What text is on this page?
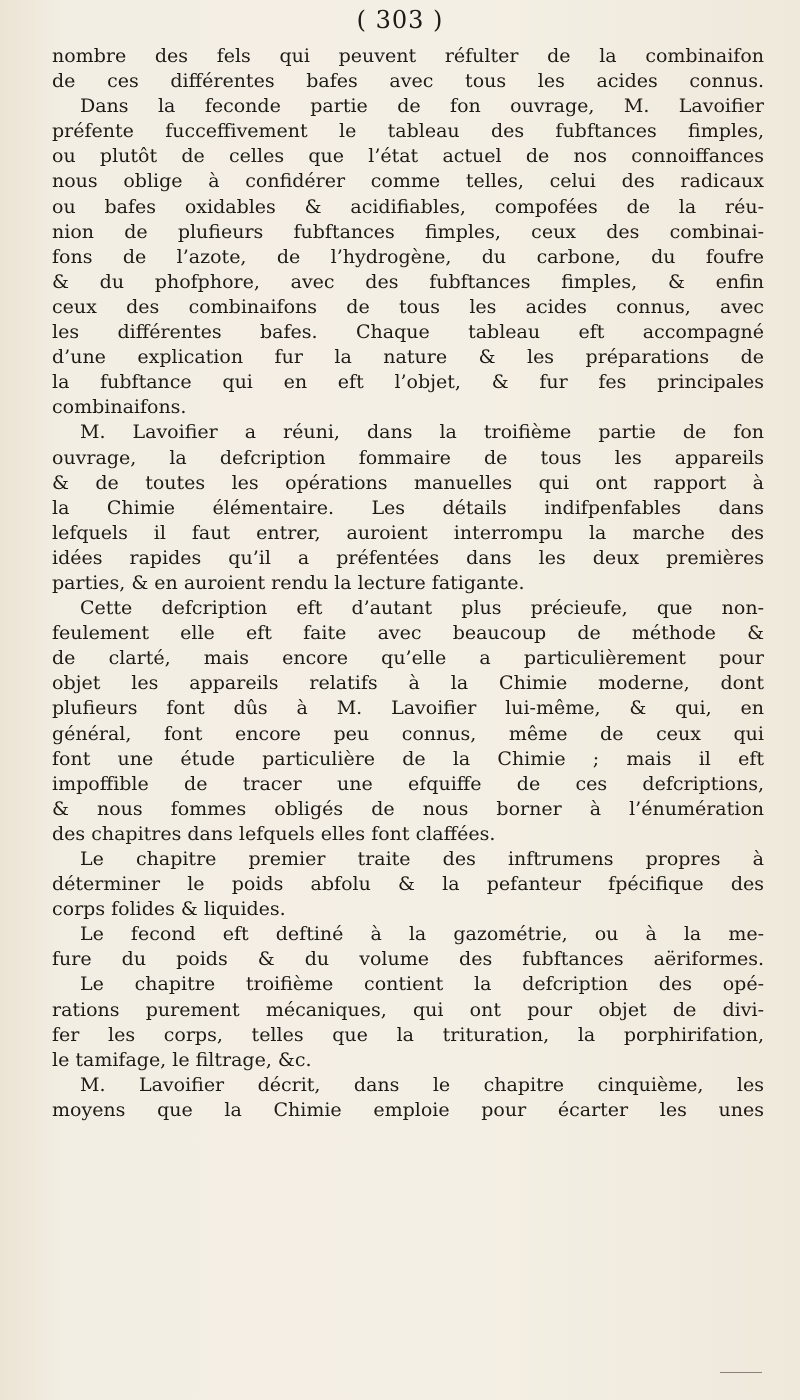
( 303 )
nombre des fels qui peuvent réfulter de la combinaifon
de ces différentes bafes avec tous les acides connus.
Dans la feconde partie de fon ouvrage, M. Lavoifier
préfente fucceffivement le tableau des fubftances fimples,
ou plutôt de celles que l’état actuel de nos connoiffances
nous oblige à confidérer comme telles, celui des radicaux
ou bafes oxidables & acidifiables, compofées de la réu-
nion de plufieurs fubftances fimples, ceux des combinai-
fons de l’azote, de l’hydrogène, du carbone, du foufre
& du phofphore, avec des fubftances fimples, & enfin
ceux des combinaifons de tous les acides connus, avec
les différentes bafes. Chaque tableau eft accompagné
d’une explication fur la nature & les préparations de
la fubftance qui en eft l’objet, & fur fes principales
combinaifons.
M. Lavoifier a réuni, dans la troifième partie de fon
ouvrage, la defcription fommaire de tous les appareils
& de toutes les opérations manuelles qui ont rapport à
la Chimie élémentaire. Les détails indifpenfables dans
lefquels il faut entrer, auroient interrompu la marche des
idées rapides qu’il a préfentées dans les deux premières
parties, & en auroient rendu la lecture fatigante.
Cette defcription eft d’autant plus précieufe, que non-
feulement elle eft faite avec beaucoup de méthode &
de clarté, mais encore qu’elle a particulièrement pour
objet les appareils relatifs à la Chimie moderne, dont
plufieurs font dûs à M. Lavoifier lui-même, & qui, en
général, font encore peu connus, même de ceux qui
font une étude particulière de la Chimie ; mais il eft
impoffible de tracer une efquiffe de ces defcriptions,
& nous fommes obligés de nous borner à l’énumération
des chapitres dans lefquels elles font claffées.
Le chapitre premier traite des inftrumens propres à
déterminer le poids abfolu & la pefanteur fpécifique des
corps folides & liquides.
Le fecond eft deftiné à la gazométrie, ou à la me-
fure du poids & du volume des fubftances aëriformes.
Le chapitre troifième contient la defcription des opé-
rations purement mécaniques, qui ont pour objet de divi-
fer les corps, telles que la trituration, la porphirifation,
le tamifage, le filtrage, &c.
M. Lavoifier décrit, dans le chapitre cinquième, les
moyens que la Chimie emploie pour écarter les unes
